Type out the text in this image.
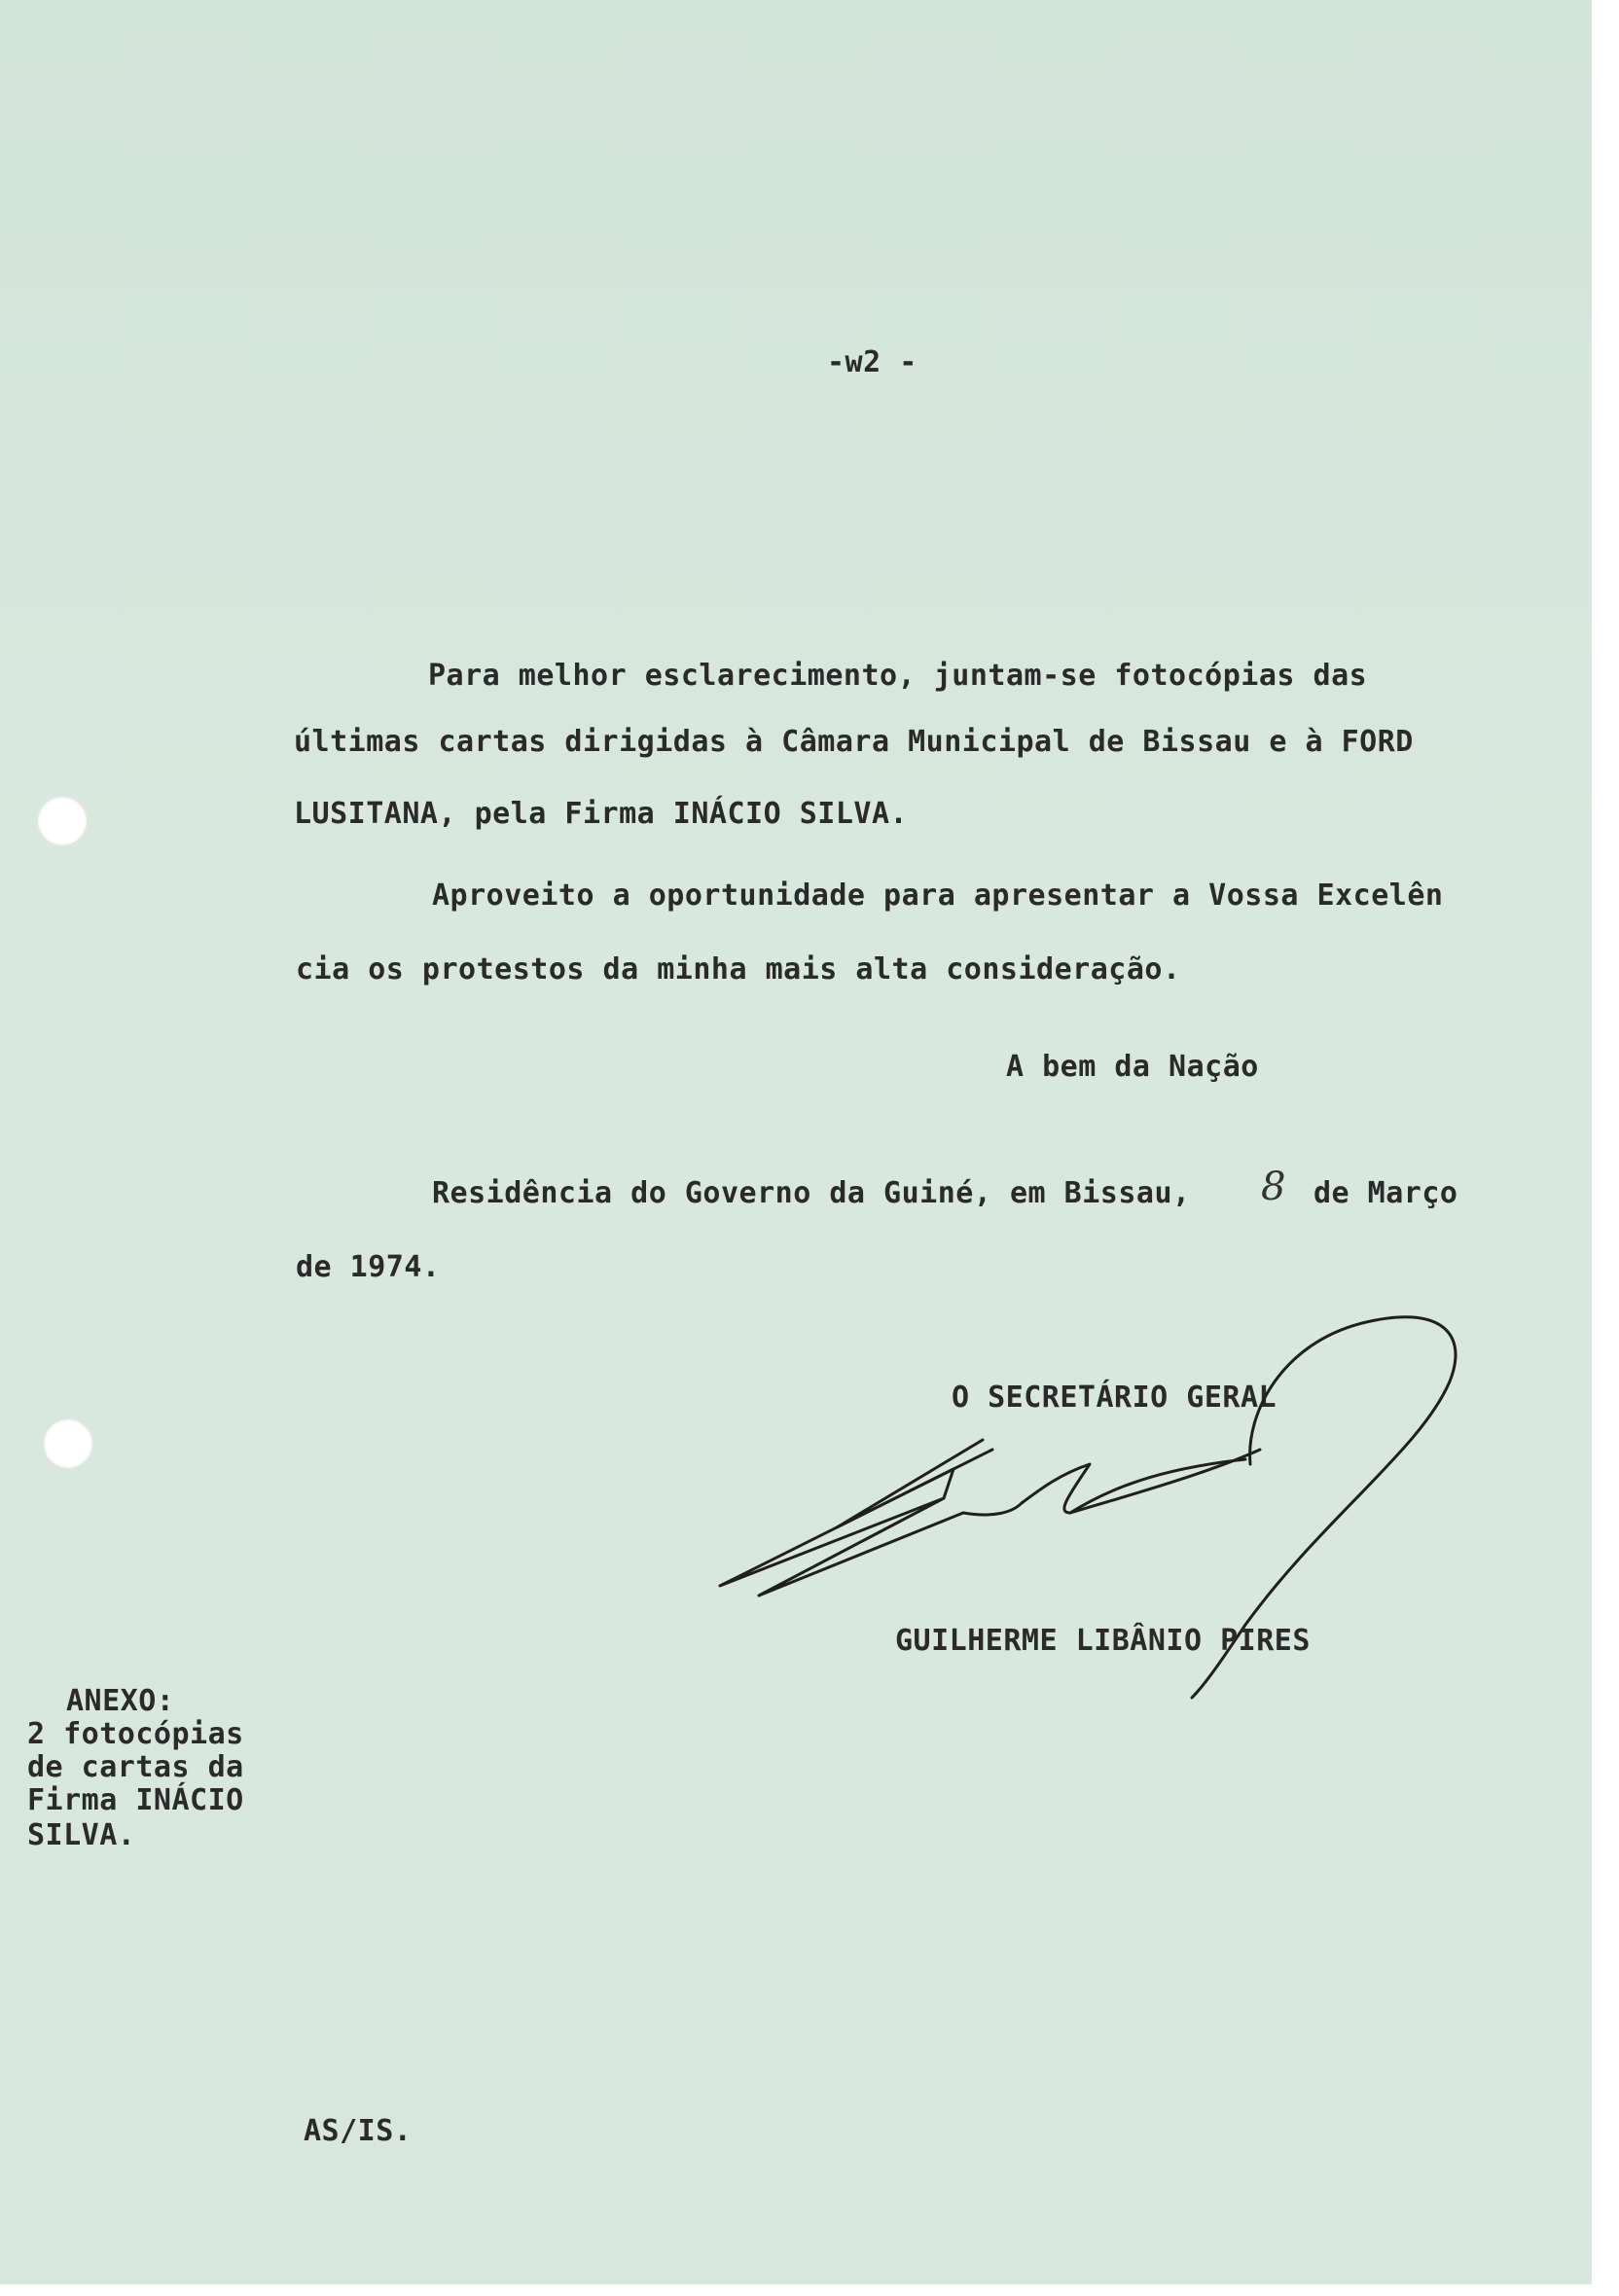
-w2 -
Para melhor esclarecimento, juntam-se fotocópias das
últimas cartas dirigidas à Câmara Municipal de Bissau e à FORD
LUSITANA, pela Firma INÁCIO SILVA.
Aproveito a oportunidade para apresentar a Vossa Excelên
cia os protestos da minha mais alta consideração.
A bem da Nação
Residência do Governo da Guiné, em Bissau, 8 de Março
de 1974.
O SECRETÁRIO GERAL
GUILHERME LIBÂNIO PIRES
ANEXO:
2 fotocópias
de cartas da
Firma INÁCIO
SILVA.
AS/IS.
